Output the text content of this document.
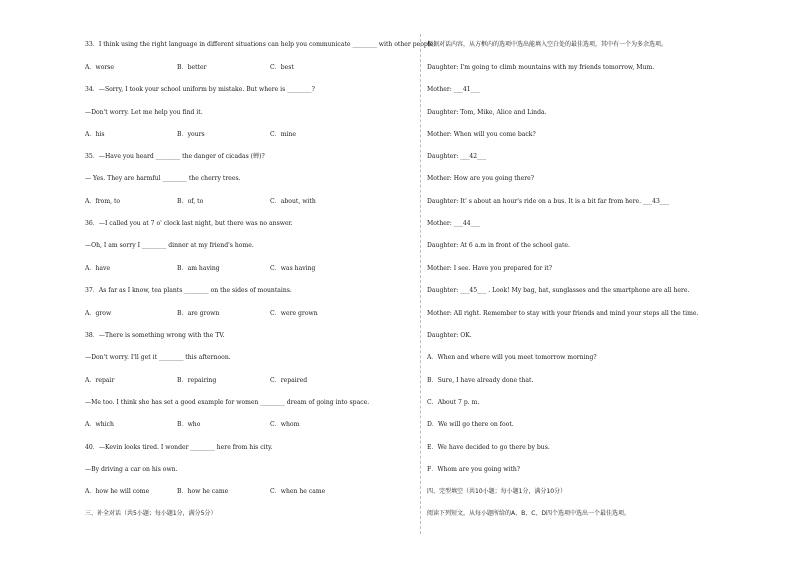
33．I think using the right language in different situations can help you communicate ________ with other people.
A．worse	B．better	C．best
34．—Sorry, I took your school uniform by mistake. But where is ________?
—Don't worry. Let me help you find it.
A．his	B．yours	C．mine
35．—Have you heard ________ the danger of cicadas (蝉)?
— Yes. They are harmful ________ the cherry trees.
A．from, to	B．of, to	C．about, with
36．—I called you at 7 o' clock last night, but there was no answer.
—Oh, I am sorry I ________ dinner at my friend's home.
A．have	B．am having	C．was having
37．As far as I know, tea plants ________ on the sides of mountains.
A．grow	B．are grown	C．were grown
38．—There is something wrong with the TV.
—Don't worry. I'll get it ________ this afternoon.
A．repair	B．repairing	C．repaired
—Me too. I think she has set a good example for women ________ dream of going into space.
A．which	B．who	C．whom
40．—Kevin looks tired. I wonder ________ here from his city.
—By driving a car on his own.
A．how he will come	B．how he came	C．when he came
三、补全对话（共5小题；每小题1分，满分5分）
根据对话内容，从方框内的选项中选出能填入空白处的最佳选项，其中有一个为多余选项。
Daughter: I'm going to climb mountains with my friends tomorrow, Mum.
Mother: ___41___
Daughter: Tom, Mike, Alice and Linda.
Mother: When will you come back?
Daughter: ___42___
Mother: How are you going there?
Daughter: It' s about an hour's ride on a bus. It is a bit far from here. ___43___
Mother: ___44___
Daughter: At 6 a.m in front of the school gate.
Mother: I see. Have you prepared for it?
Daughter: ___45___ . Look! My bag, hat, sunglasses and the smartphone are all here.
Mother: All right. Remember to stay with your friends and mind your steps all the time.
Daughter: OK.
A．When and where will you meet tomorrow morning?
B．Sure, I have already done that.
C．About 7 p. m.
D．We will go there on foot.
E．We have decided to go there by bus.
F．Whom are you going with?
四、完型填空（共10小题；每小题1分，满分10分）
阅读下列短文，从每小题所给的A、B、C、D四个选项中选出一个最佳选项。
